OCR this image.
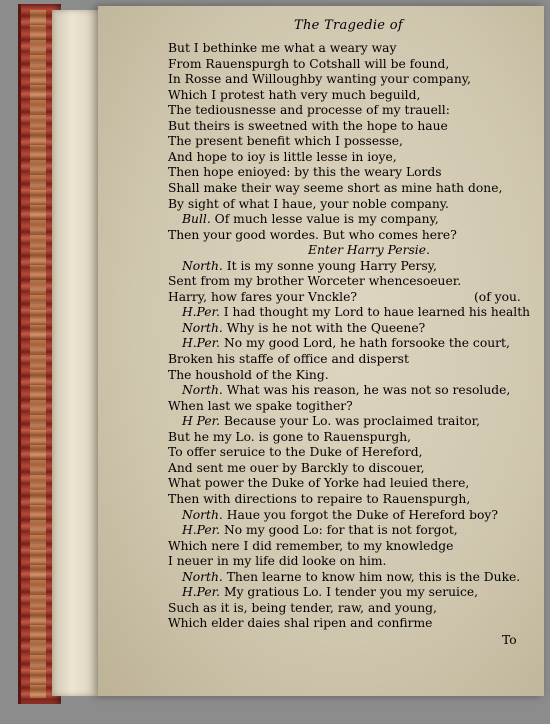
The Tragedie of
But I bethinke me what a weary way
From Rauenspurgh to Cotshall will be found,
In Rosse and Willoughby wanting your company,
Which I protest hath very much beguild,
The tediousnesse and processe of my trauell:
But theirs is sweetned with the hope to haue
The present benefit which I possesse,
And hope to ioy is little lesse in ioye,
Then hope enioyed: by this the weary Lords
Shall make their way seeme short as mine hath done,
By sight of what I haue, your noble company.
Bull. Of much lesse value is my company,
Then your good wordes. But who comes here?
Enter Harry Persie.
North. It is my sonne young Harry Persy,
Sent from my brother Worceter whencesoeuer.
Harry, how fares your Vnckle?	(of you.
H.Per. I had thought my Lord to haue learned his health
North. Why is he not with the Queene?
H.Per. No my good Lord, he hath forsooke the court,
Broken his staffe of office and disperst
The houshold of the King.
North. What was his reason, he was not so resolude,
When last we spake togither?
H Per. Because your Lo. was proclaimed traitor,
But he my Lo. is gone to Rauenspurgh,
To offer seruice to the Duke of Hereford,
And sent me ouer by Barckly to discouer,
What power the Duke of Yorke had leuied there,
Then with directions to repaire to Rauenspurgh,
North. Haue you forgot the Duke of Hereford boy?
H.Per. No my good Lo: for that is not forgot,
Which nere I did remember, to my knowledge
I neuer in my life did looke on him.
North. Then learne to know him now, this is the Duke.
H.Per. My gratious Lo. I tender you my seruice,
Such as it is, being tender, raw, and young,
Which elder daies shal ripen and confirme
To
